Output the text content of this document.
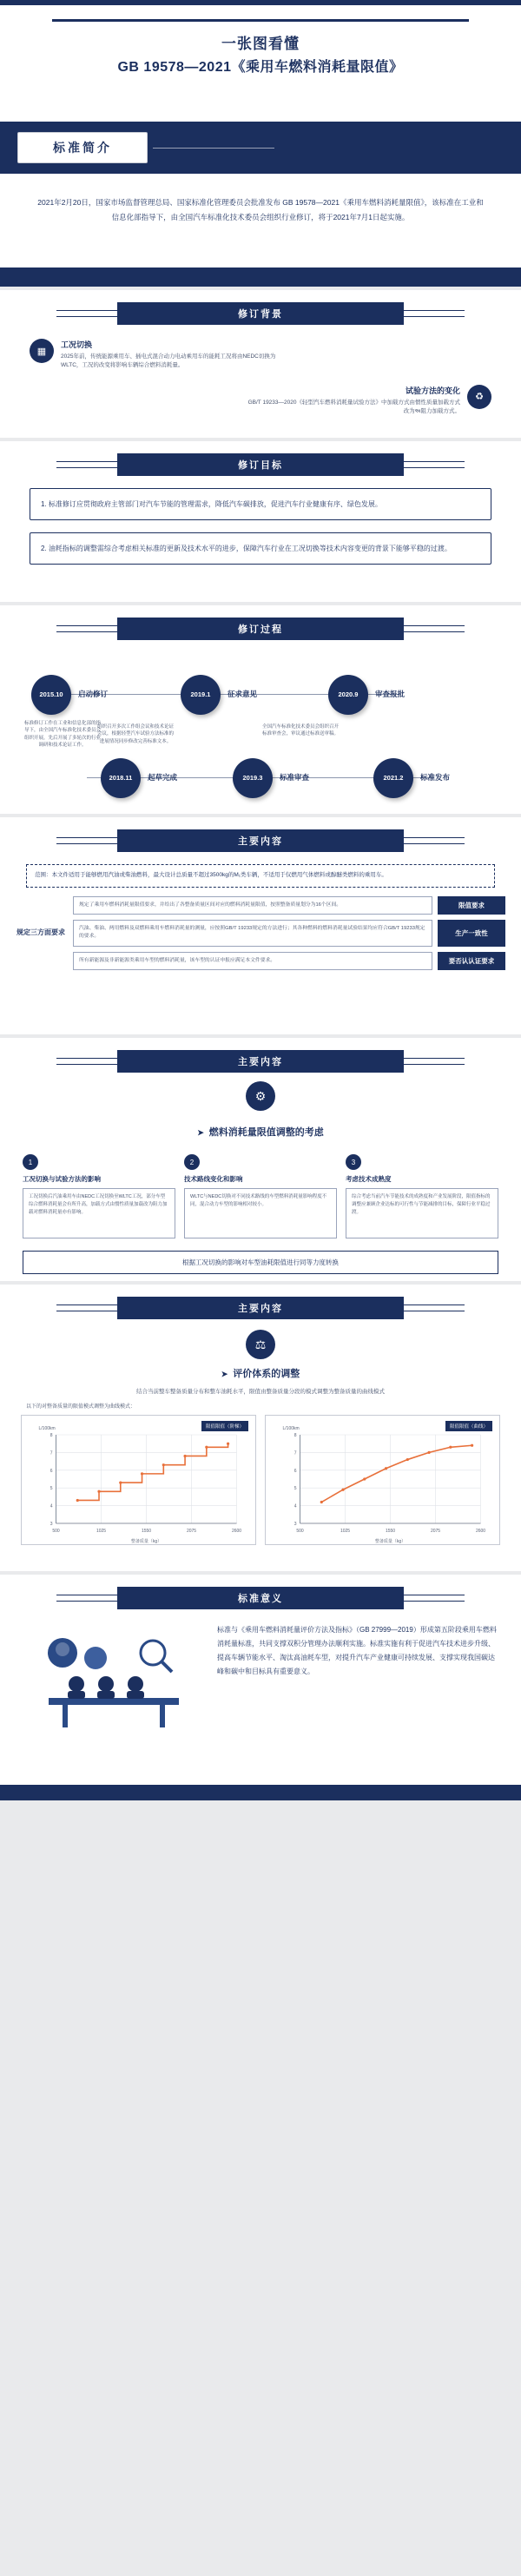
一张图看懂
GB 19578—2021《乘用车燃料消耗量限值》
标准简介
2021年2月20日，国家市场监督管理总局、国家标准化管理委员会批准发布 GB 19578—2021《乘用车燃料消耗量限值》，该标准在工业和信息化部指导下，由全国汽车标准化技术委员会组织行业修订，将于2021年7月1日起实施。
修订背景
▦
工况切换

2025年前，传统能源乘用车、插电式混合动力电动乘用车的能耗工况将由NEDC切换为WLTC，工况的改变将影响车辆综合燃料消耗量。

试验方法的变化

GB/T 19233—2020《轻型汽车燃料消耗量试验方法》中加载方式由惯性质量加载方式改为અ阻力加载方式。

♻
修订目标
1. 标准修订应贯彻政府主管部门对汽车节能的管理需求，降低汽车碳排放，促进汽车行业健康有序、绿色发展。
2. 油耗指标的调整需综合考虑相关标准的更新及技术水平的进步，保障汽车行业在工况切换等技术内容变更的背景下能够平稳的过渡。
修订过程
2015.10 启动修订
标准修订工作在工业和信息化部的指导下，由全国汽车标准化技术委员会组织开展，先后开展了多轮次的行业调研和技术论证工作。
2019.1 征求意见	2020.9 审查报批
2018.11 起草完成
组织召开多次工作组会议和技术论证会议，根据轻型汽车试验方法标准的进展情况同步修改完善标准文本。
2019.3 标准审查
全国汽车标准化技术委员会组织召开标准审查会，审议通过标准送审稿。
2021.2 标准发布
主要内容
范围：本文件适用于能够燃用汽油或柴油燃料，最大设计总质量不超过3500kg的M₁类车辆，不适用于仅燃用气体燃料或醇醚类燃料的乘用车。
规定三方面要求
规定了乘用车燃料消耗量限值要求，并给出了各整备质量区间对应的燃料消耗量限值，按照整备质量划分为16个区间。	限值要求
汽油、柴油、两用燃料及双燃料乘用车燃料消耗量的测量，应按照GB/T 19233规定的方法进行；其各种燃料的燃料消耗量试验结果均应符合GB/T 19233规定的要求。	生产一致性
所有新能源及非新能源类乘用车型的燃料消耗量，该车型的认证申报应满足本文件要求。	要否认认证要求
主要内容
⚙
➤ 燃料消耗量限值调整的考虑
1
工况切换与试验方法的影响
工况切换后汽油乘用车由NEDC工况切换至WLTC工况，部分车型综合燃料消耗量会有所升高，加载方式由惯性质量加载改为阻力加载对燃料消耗量亦有影响。
2
技术路线变化和影响
WLTC与NEDC切换对不同技术路线的车型燃料消耗量影响程度不同，混合动力车型的影响相对较小。
3
考虑技术成熟度
综合考虑当前汽车节能技术的成熟度和产业发展阶段，限值指标的调整应兼顾企业达标的可行性与节能减排的目标，保障行业平稳过渡。
根据工况切换的影响对车型油耗限值进行同等力度转换
主要内容
⚖
➤ 评价体系的调整
结合当前整车整备质量分布和整车油耗水平，限值由整备质量分段的模式调整为整备质量的曲线模式
以下的对整备质量的限值模式调整为曲线模式：
限值限值（阶梯）
500	1025	1550	2075	2600
8
7
6
5
4
3
整备质量（kg）
L/100km	限值限值（曲线）
500	1025	1550	2075	2600
8
7
6
5
4
3
整备质量（kg）
L/100km
标准意义
标准与《乘用车燃料消耗量评价方法及指标》（GB 27999—2019）形成第五阶段乘用车燃料消耗量标准，共同支撑双积分管理办法顺利实施。标准实施有利于促进汽车技术进步升级、提高车辆节能水平、淘汰高油耗车型，对提升汽车产业健康可持续发展、支撑实现我国碳达峰和碳中和目标具有重要意义。
